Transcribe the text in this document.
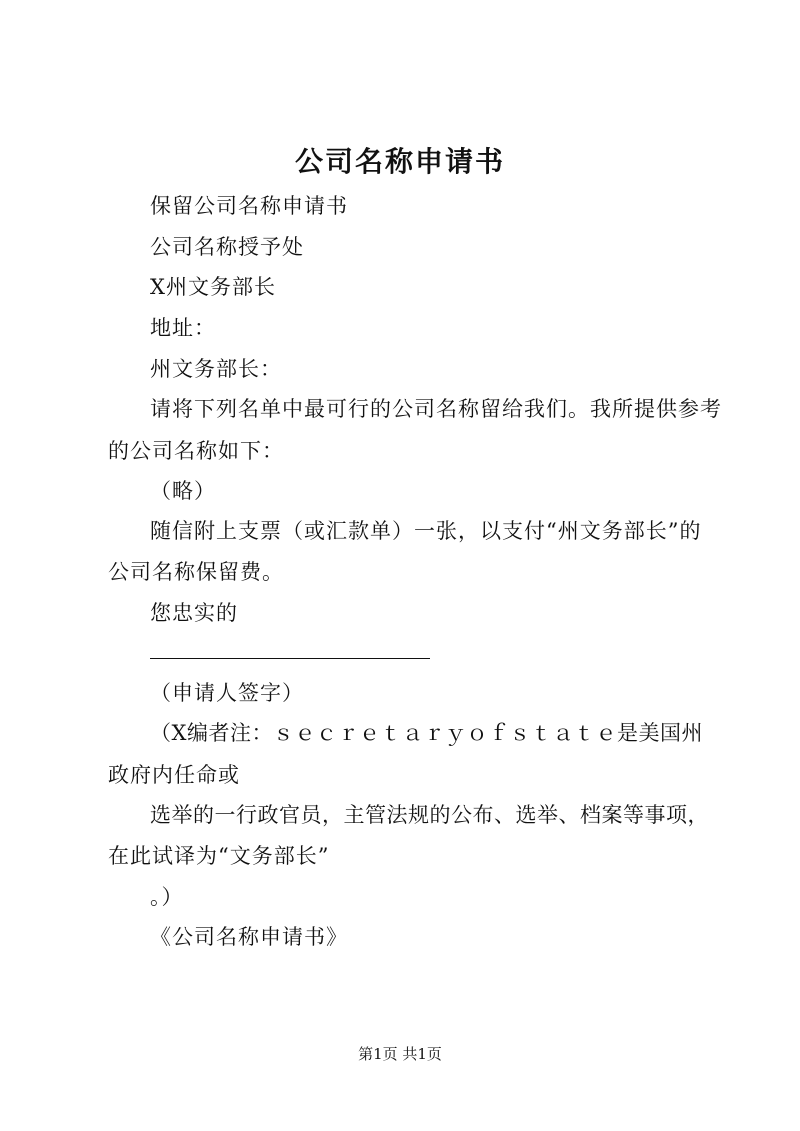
公司名称申请书
保留公司名称申请书
公司名称授予处
X州文务部长
地址：
州文务部长：
请将下列名单中最可行的公司名称留给我们。我所提供参考
的公司名称如下：
（略）
随信附上支票（或汇款单）一张，以支付“州文务部长”的
公司名称保留费。
您忠实的
（申请人签字）
（X编者注：ｓｅｃｒｅｔａｒｙｏｆｓｔａｔｅ是美国州
政府内任命或
选举的一行政官员，主管法规的公布、选举、档案等事项，
在此试译为“文务部长”
。）
《公司名称申请书》
第1页 共1页
